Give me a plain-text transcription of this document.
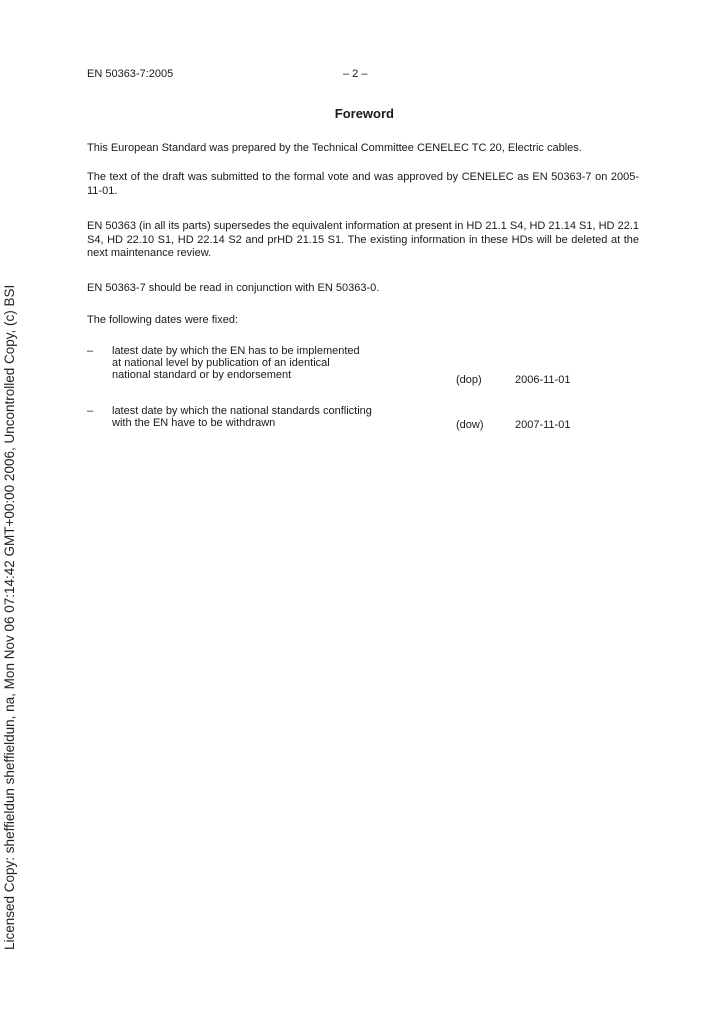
Licensed Copy: sheffieldun sheffieldun, na, Mon Nov 06 07:14:42 GMT+00:00 2006, Uncontrolled Copy, (c) BSI
EN 50363-7:2005	– 2 –
Foreword

This European Standard was prepared by the Technical Committee CENELEC TC 20, Electric cables.

The text of the draft was submitted to the formal vote and was approved by CENELEC as EN 50363-7 on 2005-11-01.

EN 50363 (in all its parts) supersedes the equivalent information at present in HD 21.1 S4, HD 21.14 S1, HD 22.1 S4, HD 22.10 S1, HD 22.14 S2 and prHD 21.15 S1. The existing information in these HDs will be deleted at the next maintenance review.

EN 50363-7 should be read in conjunction with EN 50363-0.

The following dates were fixed:

– latest date by which the EN has to be implemented
at national level by publication of an identical
national standard or by endorsement	(dop)	2006-11-01
– latest date by which the national standards conflicting
with the EN have to be withdrawn	(dow)	2007-11-01
